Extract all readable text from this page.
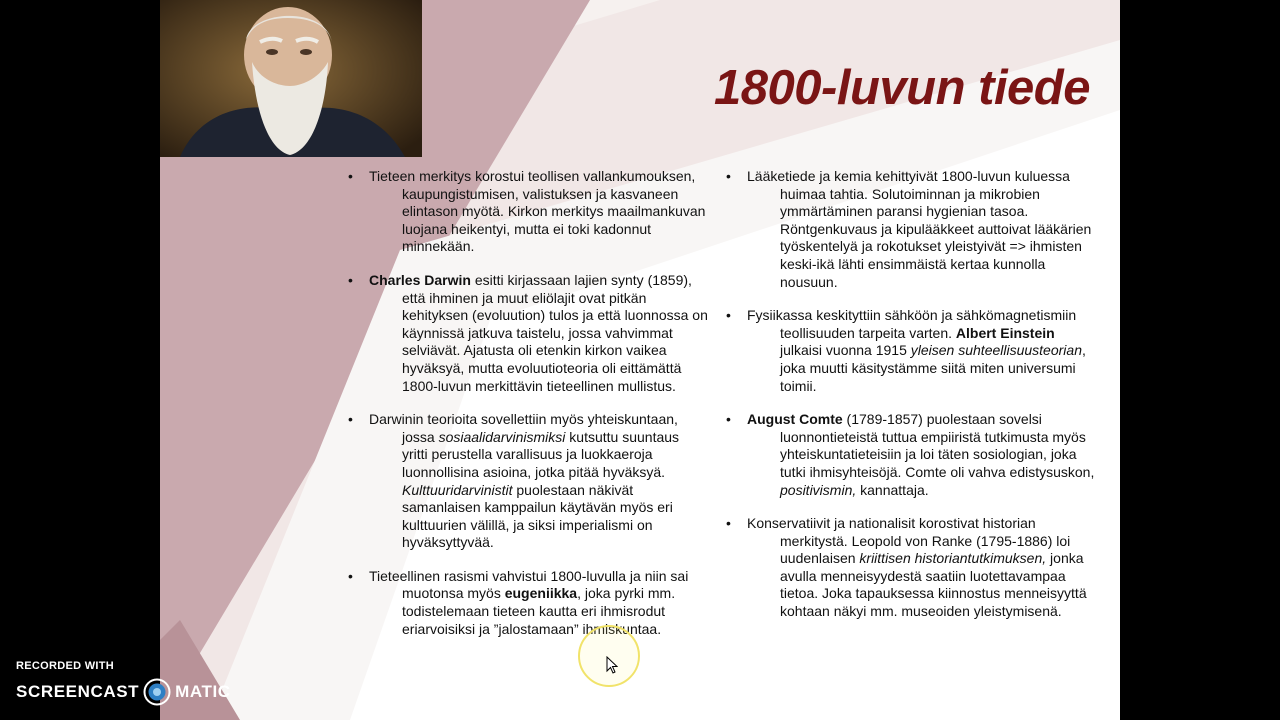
1800-luvun tiede
• Tieteen merkitys korostui teollisen vallankumouksen, kaupungistumisen, valistuksen ja kasvaneen elintason myötä. Kirkon merkitys maailmankuvan luojana heikentyi, mutta ei toki kadonnut minnekään.
• Charles Darwin esitti kirjassaan lajien synty (1859), että ihminen ja muut eliölajit ovat pitkän kehityksen (evoluution) tulos ja että luonnossa on käynnissä jatkuva taistelu, jossa vahvimmat selviävät. Ajatusta oli etenkin kirkon vaikea hyväksyä, mutta evoluutioteoria oli eittämättä 1800-luvun merkittävin tieteellinen mullistus.
• Darwinin teorioita sovellettiin myös yhteiskuntaan, jossa sosiaalidarvinismiksi kutsuttu suuntaus yritti perustella varallisuus ja luokkaeroja luonnollisina asioina, jotka pitää hyväksyä. Kulttuuridarvinistit puolestaan näkivät samanlaisen kamppailun käytävän myös eri kulttuurien välillä, ja siksi imperialismi on hyväksyttyvää.
• Tieteellinen rasismi vahvistui 1800-luvulla ja niin sai muotonsa myös eugeniikka, joka pyrki mm. todistelemaan tieteen kautta eri ihmisrodut eriarvoisiksi ja ”jalostamaan” ihmiskuntaa.
• Lääketiede ja kemia kehittyivät 1800-luvun kuluessa huimaa tahtia. Solutoiminnan ja mikrobien ymmärtäminen paransi hygienian tasoa. Röntgenkuvaus ja kipulääkkeet auttoivat lääkärien työskentelyä ja rokotukset yleistyivät => ihmisten keski-ikä lähti ensimmäistä kertaa kunnolla nousuun.
• Fysiikassa keskityttiin sähköön ja sähkömagnetismiin teollisuuden tarpeita varten. Albert Einstein julkaisi vuonna 1915 yleisen suhteellisuusteorian, joka muutti käsitystämme siitä miten universumi toimii.
• August Comte (1789-1857) puolestaan sovelsi luonnontieteistä tuttua empiiristä tutkimusta myös yhteiskuntatieteisiin ja loi täten sosiologian, joka tutki ihmisyhteisöjä. Comte oli vahva edistysuskon, positivismin, kannattaja.
• Konservatiivit ja nationalisit korostivat historian merkitystä. Leopold von Ranke (1795-1886) loi uudenlaisen kriittisen historiantutkimuksen, jonka avulla menneisyydestä saatiin luotettavampaa tietoa. Joka tapauksessa kiinnostus menneisyyttä kohtaan näkyi mm. museoiden yleistymisenä.
RECORDED WITH
SCREENCAST MATIC
